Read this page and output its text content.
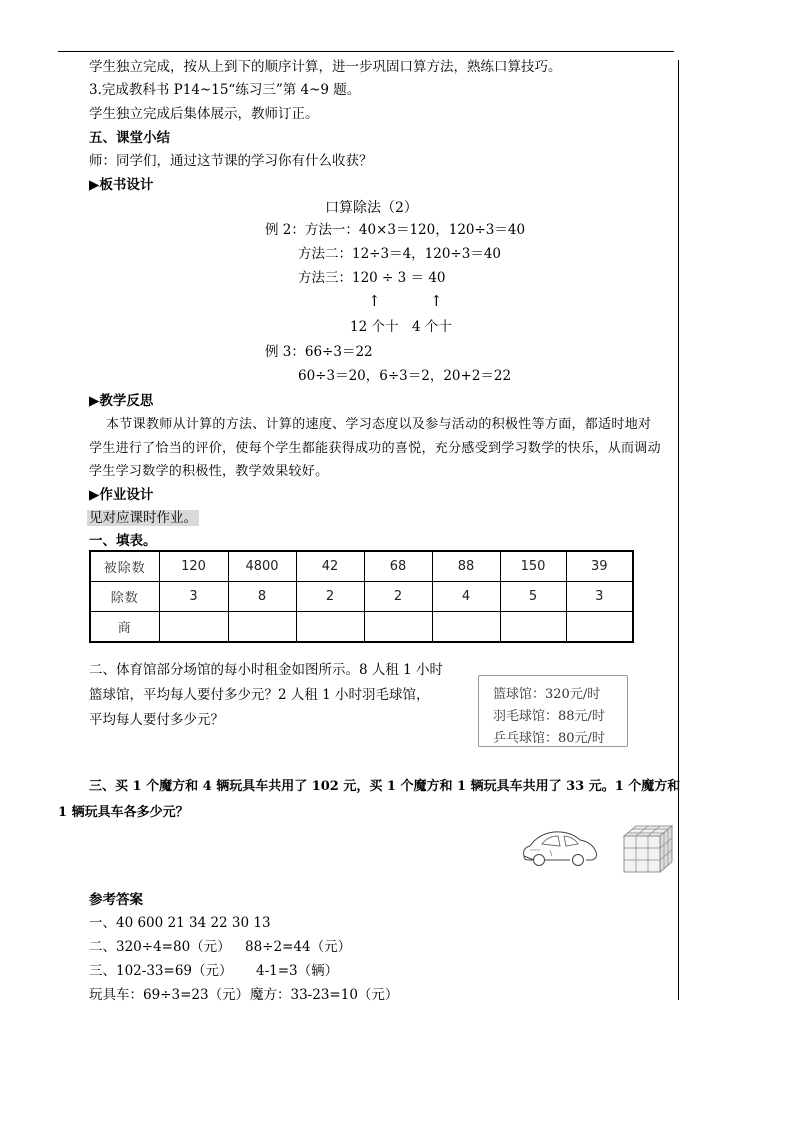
学生独立完成，按从上到下的顺序计算，进一步巩固口算方法，熟练口算技巧。
3.完成教科书 P14~15“练习三”第 4~9 题。
学生独立完成后集体展示，教师订正。
五、课堂小结
师：同学们，通过这节课的学习你有什么收获？
▶板书设计
口算除法（2）
例 2：方法一：40×3＝120，120÷3＝40
方法二：12÷3＝4，120÷3＝40
方法三：120 ÷ 3 ＝ 40
↑	↑
12 个十 4 个十
例 3：66÷3＝22
60÷3＝20，6÷3＝2，20+2＝22
▶教学反思
本节课教师从计算的方法、计算的速度、学习态度以及参与活动的积极性等方面，都适时地对
学生进行了恰当的评价，使每个学生都能获得成功的喜悦，充分感受到学习数学的快乐，从而调动
学生学习数学的积极性，教学效果较好。
▶作业设计
见对应课时作业。
一、填表。
被除数	120	4800	42	68	88	150	39
除数	3	8	2	2	4	5	3
商							
二、体育馆部分场馆的每小时租金如图所示。8 人租 1 小时
篮球馆，平均每人要付多少元？2 人租 1 小时羽毛球馆，
平均每人要付多少元？
篮球馆：320元/时
羽毛球馆：88元/时
乒乓球馆：80元/时
三、买 1 个魔方和 4 辆玩具车共用了 102 元，买 1 个魔方和 1 辆玩具车共用了 33 元。1 个魔方和
1 辆玩具车各多少元？
参考答案
一、40 600 21 34 22 30 13
二、320÷4=80（元） 88÷2=44（元）
三、102-33=69（元） 4-1=3（辆）
玩具车：69÷3=23（元） 魔方：33-23=10（元）
